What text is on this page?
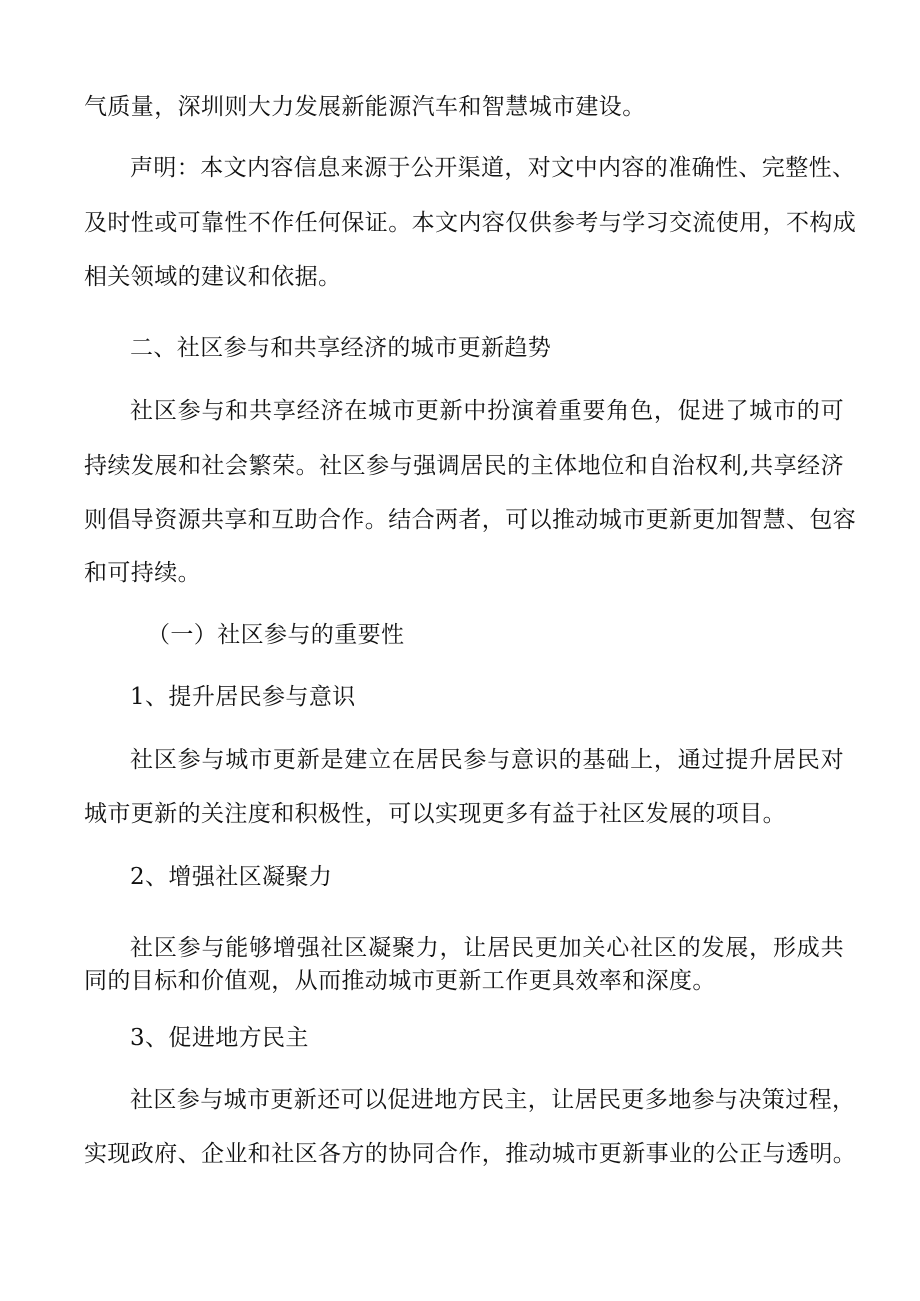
气质量，深圳则大力发展新能源汽车和智慧城市建设。
声明：本文内容信息来源于公开渠道，对文中内容的准确性、完整性、
及时性或可靠性不作任何保证。本文内容仅供参考与学习交流使用，不构成
相关领域的建议和依据。
二、社区参与和共享经济的城市更新趋势
社区参与和共享经济在城市更新中扮演着重要角色，促进了城市的可
持续发展和社会繁荣。社区参与强调居民的主体地位和自治权利,共享经济
则倡导资源共享和互助合作。结合两者，可以推动城市更新更加智慧、包容
和可持续。
（一）社区参与的重要性
1、提升居民参与意识
社区参与城市更新是建立在居民参与意识的基础上，通过提升居民对
城市更新的关注度和积极性，可以实现更多有益于社区发展的项目。
2、增强社区凝聚力
社区参与能够增强社区凝聚力，让居民更加关心社区的发展，形成共
同的目标和价值观，从而推动城市更新工作更具效率和深度。
3、促进地方民主
社区参与城市更新还可以促进地方民主，让居民更多地参与决策过程，
实现政府、企业和社区各方的协同合作，推动城市更新事业的公正与透明。
